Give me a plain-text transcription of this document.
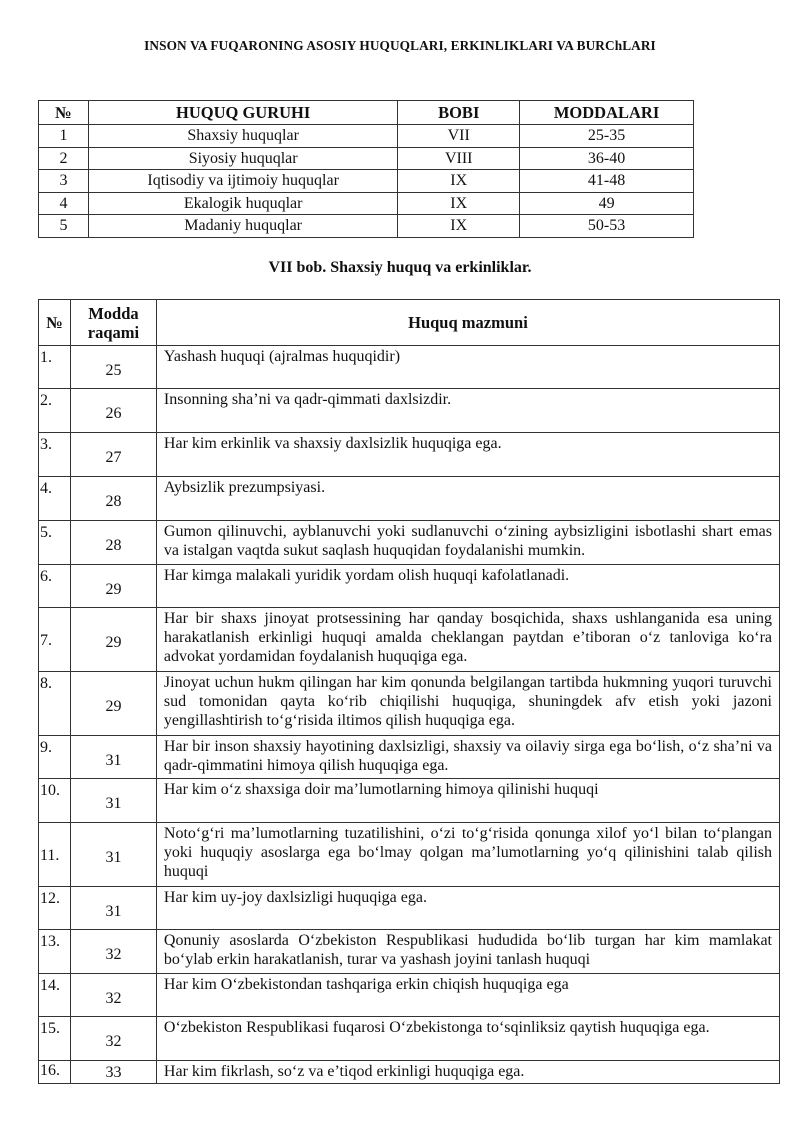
INSON VA FUQARONING ASOSIY HUQUQLARI, ERKINLIKLARI VA BURChLARI
№	HUQUQ GURUHI	BOBI	MODDALARI
1	Shaxsiy huquqlar	VII	25-35
2	Siyosiy huquqlar	VIII	36-40
3	Iqtisodiy va ijtimoiy huquqlar	IX	41-48
4	Ekalogik huquqlar	IX	49
5	Madaniy huquqlar	IX	50-53
VII bob. Shaxsiy huquq va erkinliklar.
№	Modda raqami	Huquq mazmuni
1.	25	Yashash huquqi (ajralmas huquqidir)
2.	26	Insonning sha’ni va qadr-qimmati daxlsizdir.
3.	27	Har kim erkinlik va shaxsiy daxlsizlik huquqiga ega.
4.	28	Aybsizlik prezumpsiyasi.
5.	28	Gumon qilinuvchi, ayblanuvchi yoki sudlanuvchi o‘zining aybsizligini isbotlashi shart emas va istalgan vaqtda sukut saqlash huquqidan foydalanishi mumkin.
6.	29	Har kimga malakali yuridik yordam olish huquqi kafolatlanadi.
7.	29	Har bir shaxs jinoyat protsessining har qanday bosqichida, shaxs ushlanganida esa uning harakatlanish erkinligi huquqi amalda cheklangan paytdan e’tiboran o‘z tanloviga ko‘ra advokat yordamidan foydalanish huquqiga ega.
8.	29	Jinoyat uchun hukm qilingan har kim qonunda belgilangan tartibda hukmning yuqori turuvchi sud tomonidan qayta ko‘rib chiqilishi huquqiga, shuningdek afv etish yoki jazoni yengillashtirish to‘g‘risida iltimos qilish huquqiga ega.
9.	31	Har bir inson shaxsiy hayotining daxlsizligi, shaxsiy va oilaviy sirga ega bo‘lish, o‘z sha’ni va qadr-qimmatini himoya qilish huquqiga ega.
10.	31	Har kim o‘z shaxsiga doir ma’lumotlarning himoya qilinishi huquqi
11.	31	Noto‘g‘ri ma’lumotlarning tuzatilishini, o‘zi to‘g‘risida qonunga xilof yo‘l bilan to‘plangan yoki huquqiy asoslarga ega bo‘lmay qolgan ma’lumotlarning yo‘q qilinishini talab qilish huquqi
12.	31	Har kim uy-joy daxlsizligi huquqiga ega.
13.	32	Qonuniy asoslarda O‘zbekiston Respublikasi hududida bo‘lib turgan har kim mamlakat bo‘ylab erkin harakatlanish, turar va yashash joyini tanlash huquqi
14.	32	Har kim O‘zbekistondan tashqariga erkin chiqish huquqiga ega
15.	32	O‘zbekiston Respublikasi fuqarosi O‘zbekistonga to‘sqinliksiz qaytish huquqiga ega.
16.	33	Har kim fikrlash, so‘z va e’tiqod erkinligi huquqiga ega.
